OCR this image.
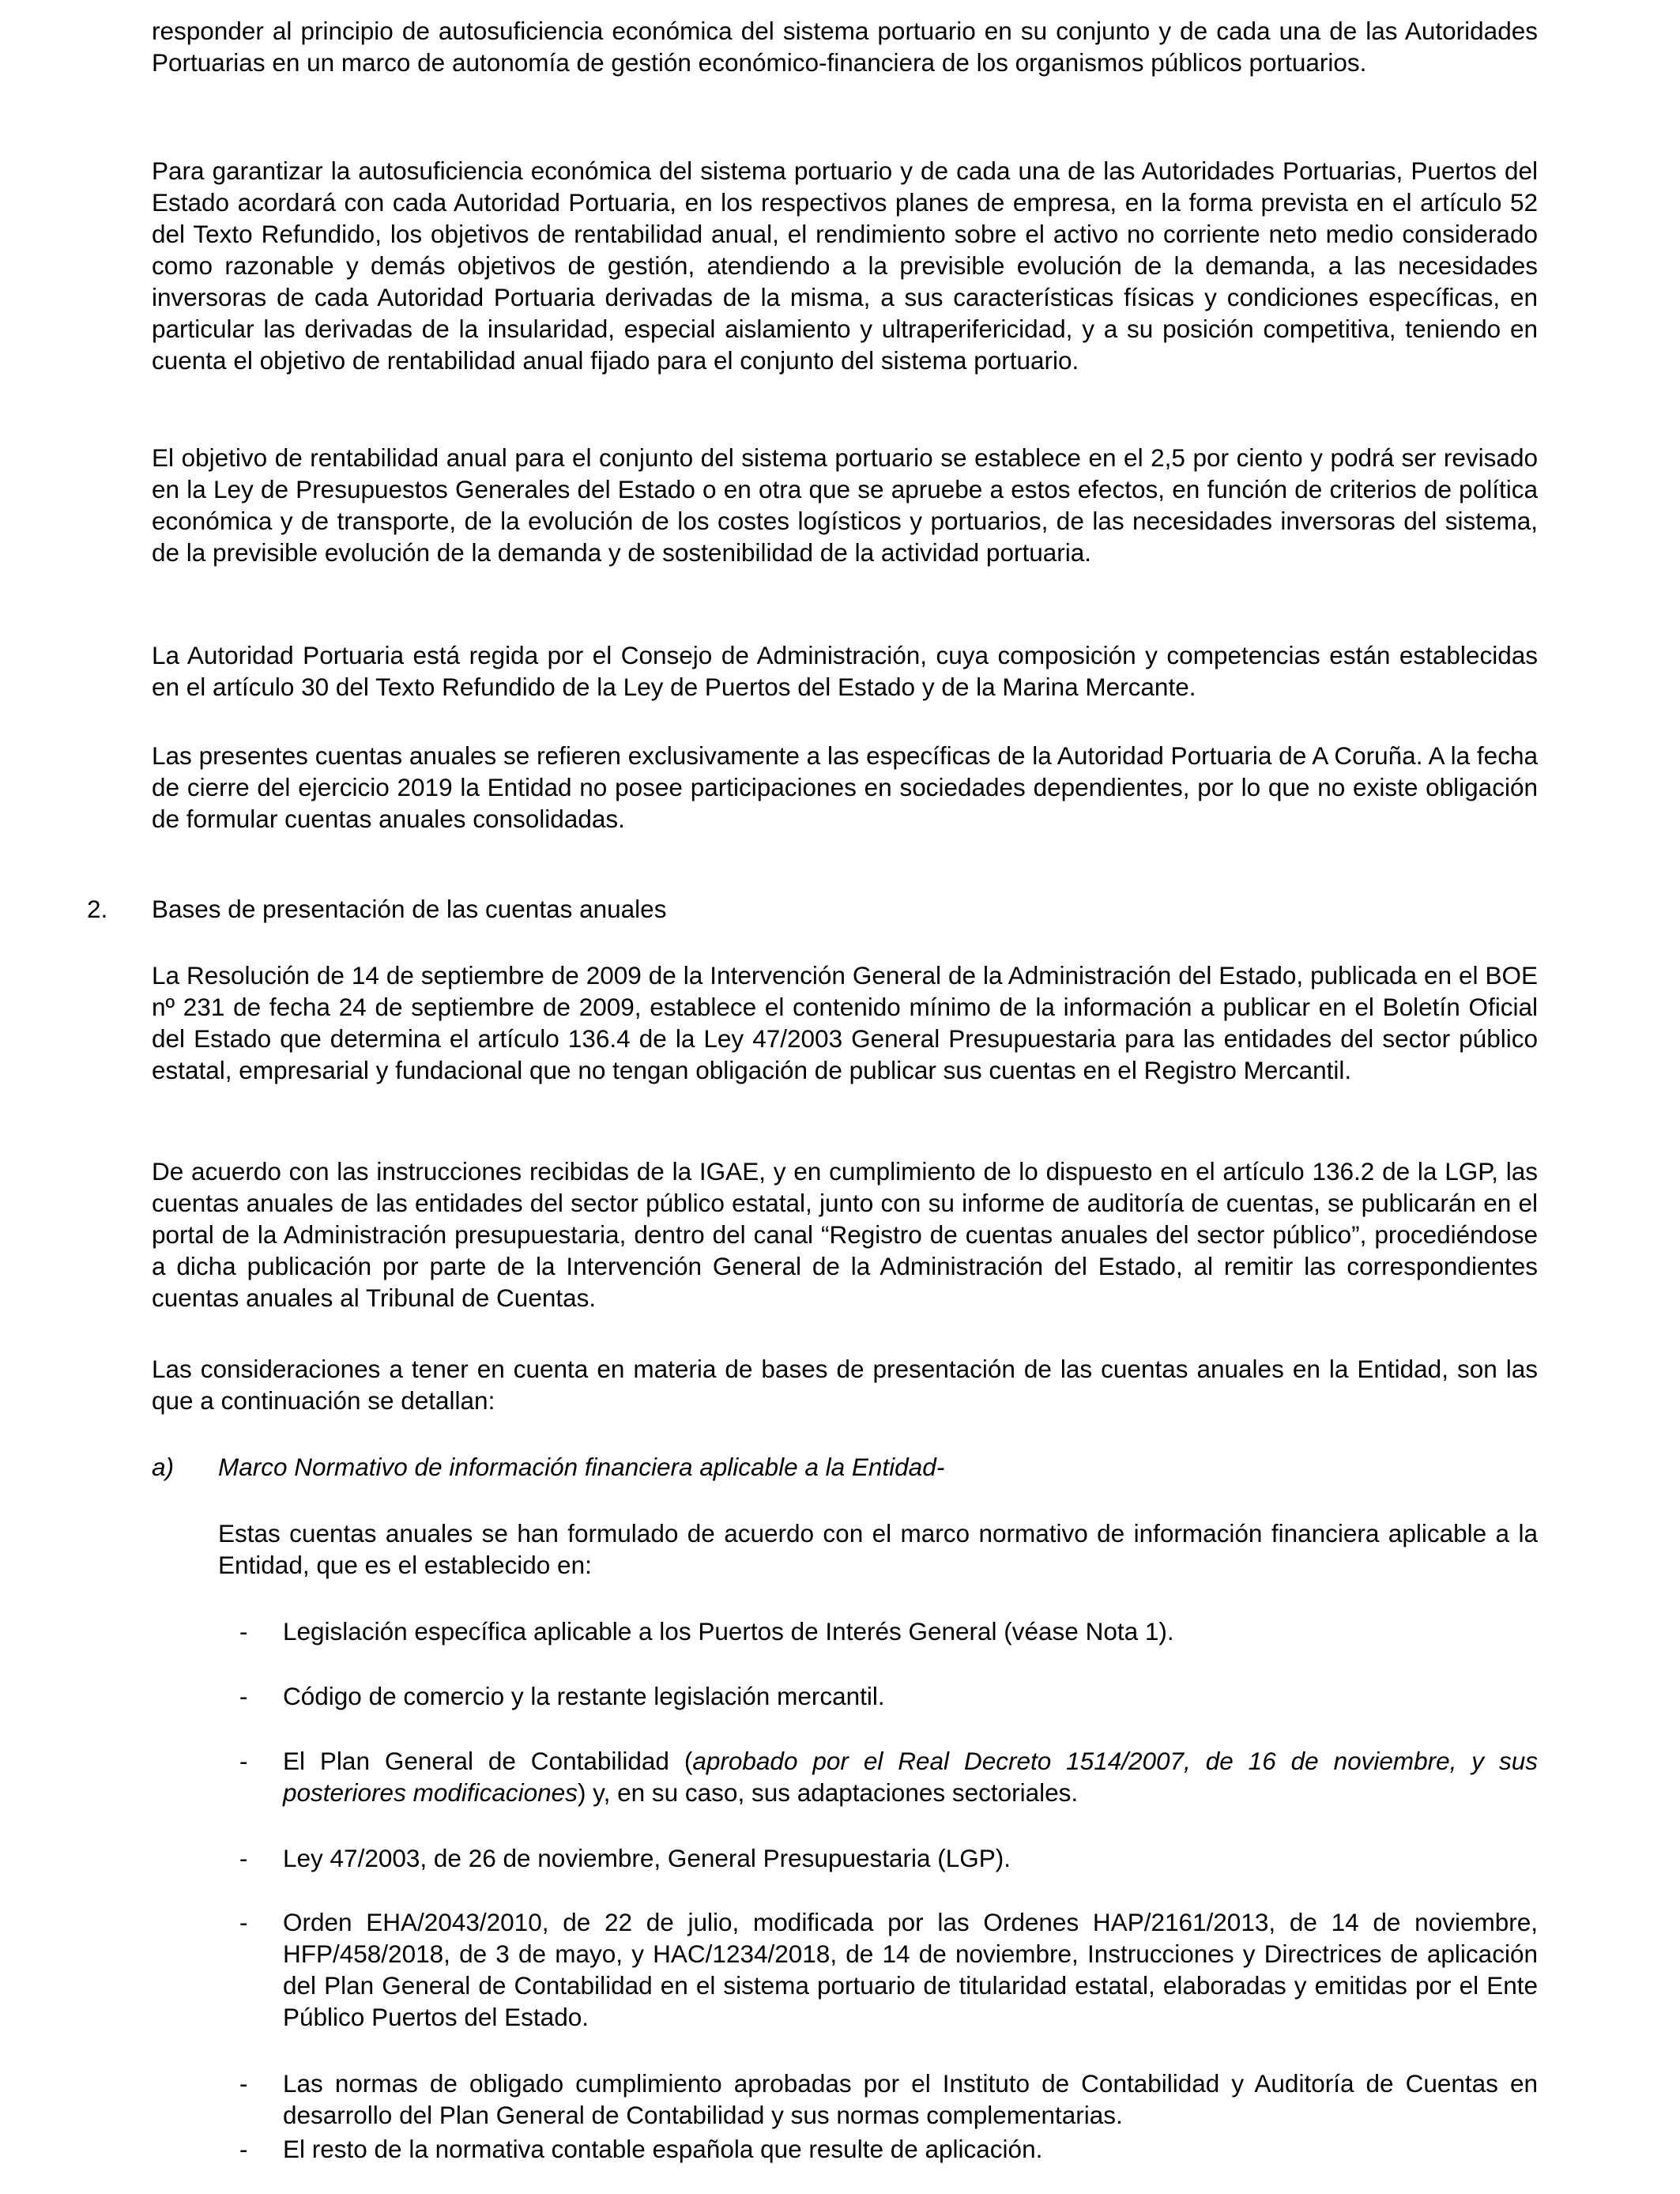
responder al principio de autosuficiencia económica del sistema portuario en su conjunto y de cada una de las Autoridades Portuarias en un marco de autonomía de gestión económico-financiera de los organismos públicos portuarios.

Para garantizar la autosuficiencia económica del sistema portuario y de cada una de las Autoridades Portuarias, Puertos del Estado acordará con cada Autoridad Portuaria, en los respectivos planes de empresa, en la forma prevista en el artículo 52 del Texto Refundido, los objetivos de rentabilidad anual, el rendimiento sobre el activo no corriente neto medio considerado como razonable y demás objetivos de gestión, atendiendo a la previsible evolución de la demanda, a las necesidades inversoras de cada Autoridad Portuaria derivadas de la misma, a sus características físicas y condiciones específicas, en particular las derivadas de la insularidad, especial aislamiento y ultraperifericidad, y a su posición competitiva, teniendo en cuenta el objetivo de rentabilidad anual fijado para el conjunto del sistema portuario.

El objetivo de rentabilidad anual para el conjunto del sistema portuario se establece en el 2,5 por ciento y podrá ser revisado en la Ley de Presupuestos Generales del Estado o en otra que se apruebe a estos efectos, en función de criterios de política económica y de transporte, de la evolución de los costes logísticos y portuarios, de las necesidades inversoras del sistema, de la previsible evolución de la demanda y de sostenibilidad de la actividad portuaria.

La Autoridad Portuaria está regida por el Consejo de Administración, cuya composición y competencias están establecidas en el artículo 30 del Texto Refundido de la Ley de Puertos del Estado y de la Marina Mercante.

Las presentes cuentas anuales se refieren exclusivamente a las específicas de la Autoridad Portuaria de A Coruña. A la fecha de cierre del ejercicio 2019 la Entidad no posee participaciones en sociedades dependientes, por lo que no existe obligación de formular cuentas anuales consolidadas.

2. Bases de presentación de las cuentas anuales

La Resolución de 14 de septiembre de 2009 de la Intervención General de la Administración del Estado, publicada en el BOE nº 231 de fecha 24 de septiembre de 2009, establece el contenido mínimo de la información a publicar en el Boletín Oficial del Estado que determina el artículo 136.4 de la Ley 47/2003 General Presupuestaria para las entidades del sector público estatal, empresarial y fundacional que no tengan obligación de publicar sus cuentas en el Registro Mercantil.

De acuerdo con las instrucciones recibidas de la IGAE, y en cumplimiento de lo dispuesto en el artículo 136.2 de la LGP, las cuentas anuales de las entidades del sector público estatal, junto con su informe de auditoría de cuentas, se publicarán en el portal de la Administración presupuestaria, dentro del canal “Registro de cuentas anuales del sector público”, procediéndose a dicha publicación por parte de la Intervención General de la Administración del Estado, al remitir las correspondientes cuentas anuales al Tribunal de Cuentas.

Las consideraciones a tener en cuenta en materia de bases de presentación de las cuentas anuales en la Entidad, son las que a continuación se detallan:

a) Marco Normativo de información financiera aplicable a la Entidad-

Estas cuentas anuales se han formulado de acuerdo con el marco normativo de información financiera aplicable a la Entidad, que es el establecido en:

- Legislación específica aplicable a los Puertos de Interés General (véase Nota 1).

- Código de comercio y la restante legislación mercantil.

- El Plan General de Contabilidad (aprobado por el Real Decreto 1514/2007, de 16 de noviembre, y sus posteriores modificaciones) y, en su caso, sus adaptaciones sectoriales.

- Ley 47/2003, de 26 de noviembre, General Presupuestaria (LGP).

- Orden EHA/2043/2010, de 22 de julio, modificada por las Ordenes HAP/2161/2013, de 14 de noviembre, HFP/458/2018, de 3 de mayo, y HAC/1234/2018, de 14 de noviembre, Instrucciones y Directrices de aplicación del Plan General de Contabilidad en el sistema portuario de titularidad estatal, elaboradas y emitidas por el Ente Público Puertos del Estado.

- Las normas de obligado cumplimiento aprobadas por el Instituto de Contabilidad y Auditoría de Cuentas en desarrollo del Plan General de Contabilidad y sus normas complementarias.

- El resto de la normativa contable española que resulte de aplicación.
